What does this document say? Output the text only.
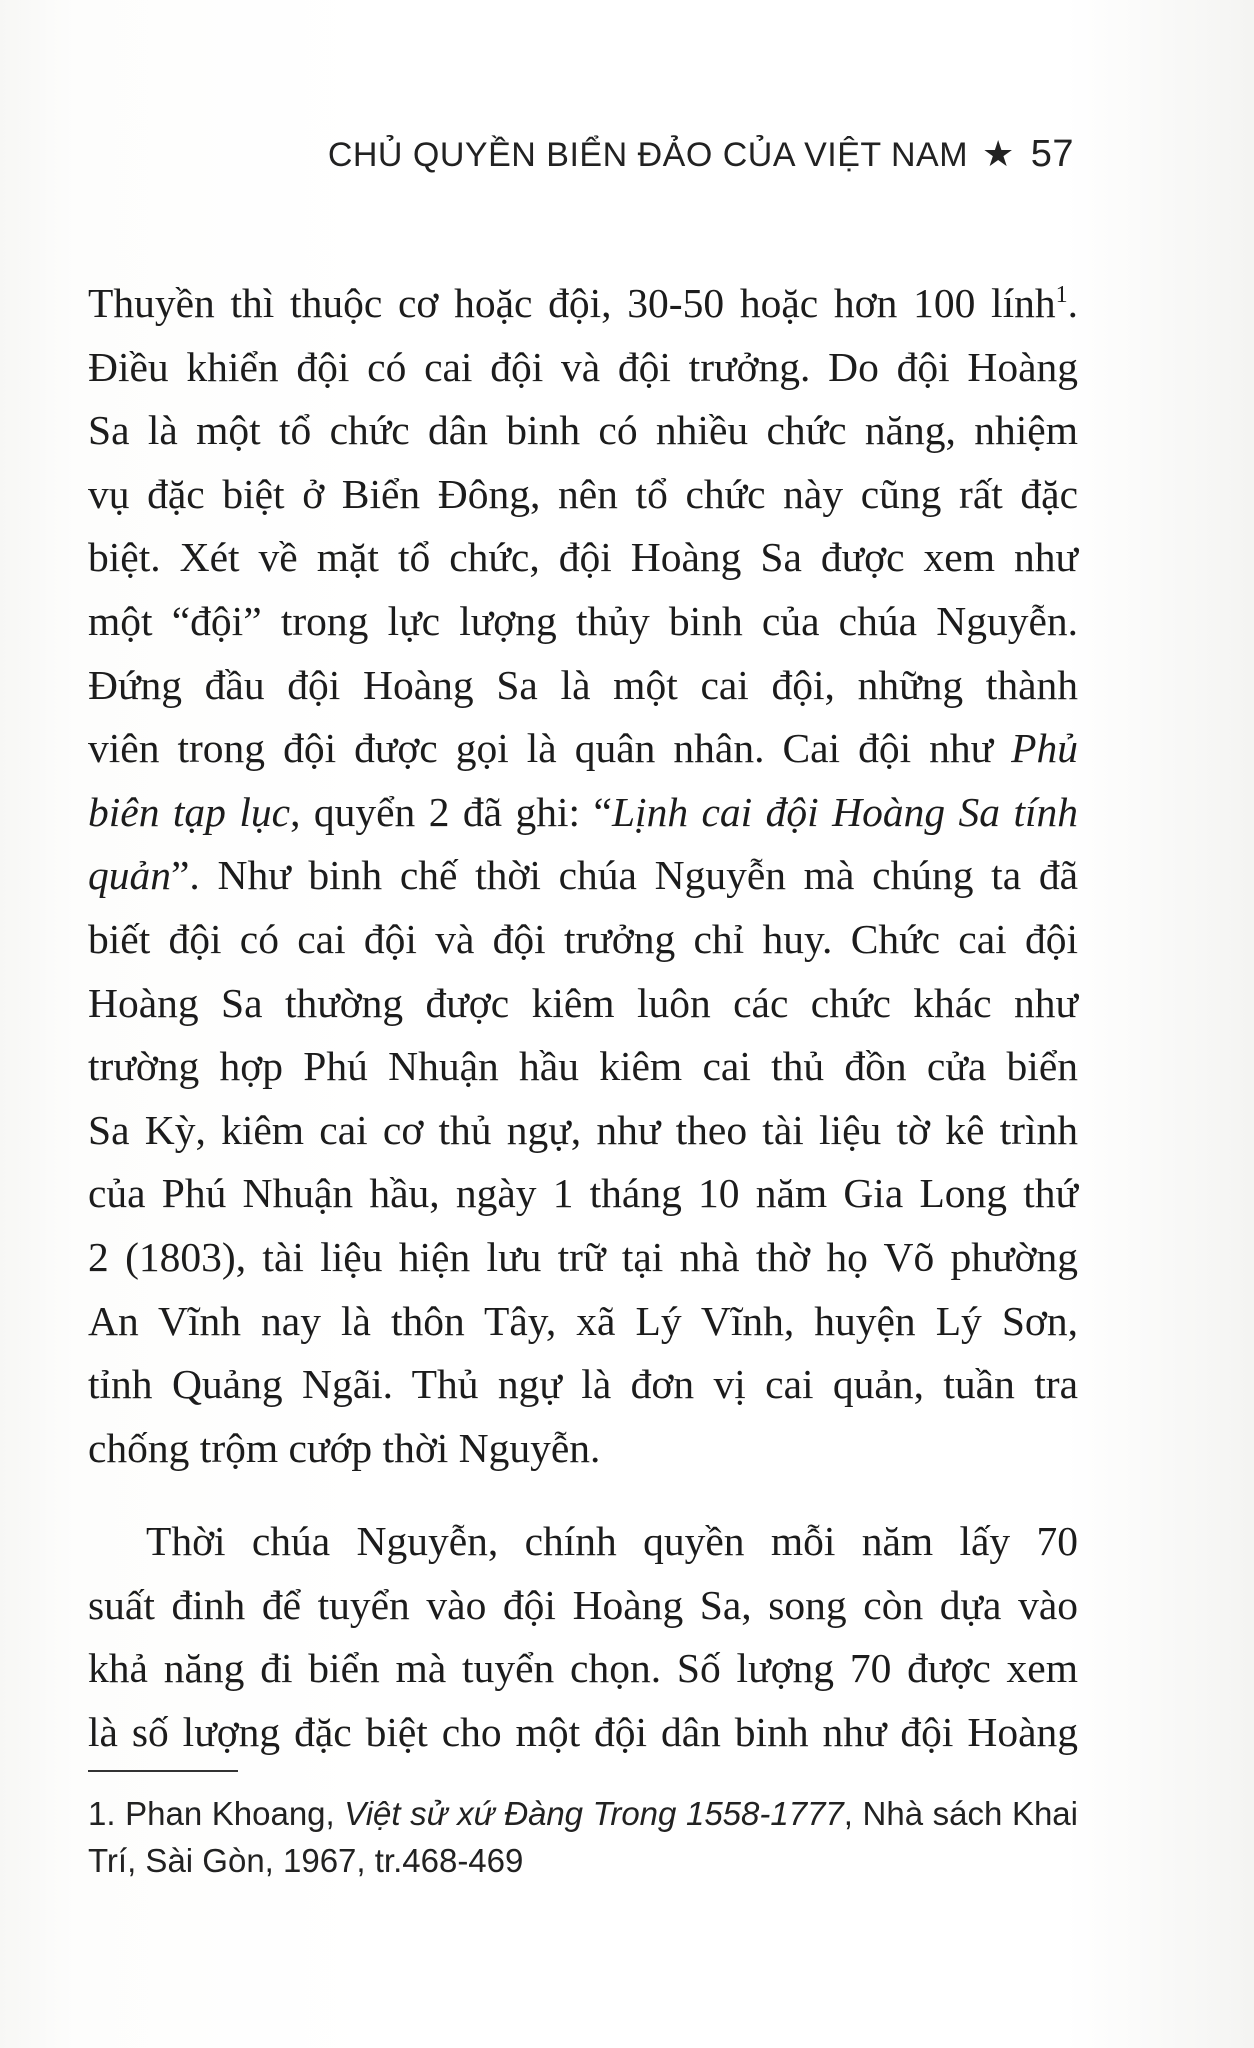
CHỦ QUYỀN BIỂN ĐẢO CỦA VIỆT NAM ★ 57
Thuyền thì thuộc cơ hoặc đội, 30-50 hoặc hơn 100 lính$^1$.
Điều khiển đội có cai đội và đội trưởng. Do đội Hoàng
Sa là một tổ chức dân binh có nhiều chức năng, nhiệm
vụ đặc biệt ở Biển Đông, nên tổ chức này cũng rất đặc
biệt. Xét về mặt tổ chức, đội Hoàng Sa được xem như
một “đội” trong lực lượng thủy binh của chúa Nguyễn.
Đứng đầu đội Hoàng Sa là một cai đội, những thành
viên trong đội được gọi là quân nhân. Cai đội như Phủ
biên tạp lục, quyển 2 đã ghi: “Lịnh cai đội Hoàng Sa tính
quản”. Như binh chế thời chúa Nguyễn mà chúng ta đã
biết đội có cai đội và đội trưởng chỉ huy. Chức cai đội
Hoàng Sa thường được kiêm luôn các chức khác như
trường hợp Phú Nhuận hầu kiêm cai thủ đồn cửa biển
Sa Kỳ, kiêm cai cơ thủ ngự, như theo tài liệu tờ kê trình
của Phú Nhuận hầu, ngày 1 tháng 10 năm Gia Long thứ
2 (1803), tài liệu hiện lưu trữ tại nhà thờ họ Võ phường
An Vĩnh nay là thôn Tây, xã Lý Vĩnh, huyện Lý Sơn,
tỉnh Quảng Ngãi. Thủ ngự là đơn vị cai quản, tuần tra
chống trộm cướp thời Nguyễn.
Thời chúa Nguyễn, chính quyền mỗi năm lấy 70
suất đinh để tuyển vào đội Hoàng Sa, song còn dựa vào
khả năng đi biển mà tuyển chọn. Số lượng 70 được xem
là số lượng đặc biệt cho một đội dân binh như đội Hoàng
1. Phan Khoang, Việt sử xứ Đàng Trong 1558-1777, Nhà sách Khai
Trí, Sài Gòn, 1967, tr.468-469
